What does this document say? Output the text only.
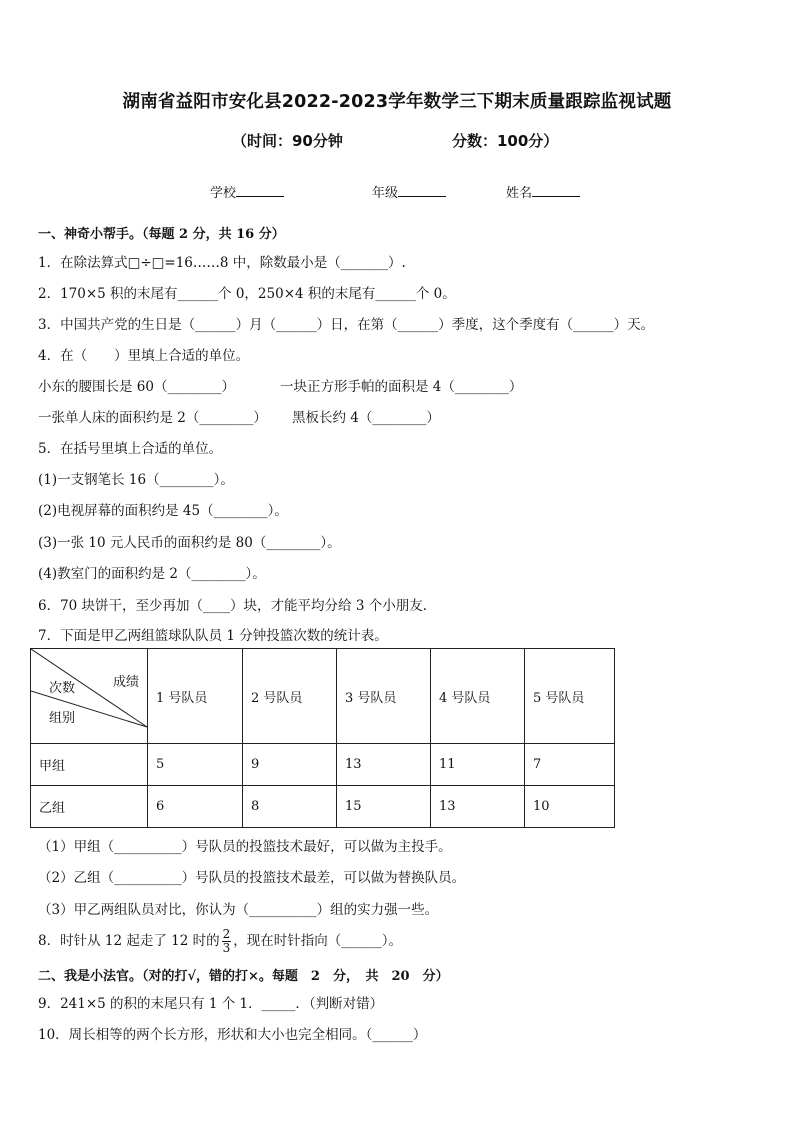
湖南省益阳市安化县2022-2023学年数学三下期末质量跟踪监视试题
（时间：90分钟	分数：100分）
学校	年级	姓名
一、神奇小帮手。（每题 2 分，共 16 分）
1．在除法算式□÷□=16……8 中，除数最小是（_______）.
2．170×5 积的末尾有______个 0，250×4 积的末尾有______个 0。
3．中国共产党的生日是（______）月（______）日，在第（______）季度，这个季度有（______）天。
4．在（　　）里填上合适的单位。
小东的腰围长是 60（________）	一块正方形手帕的面积是 4（________）
一张单人床的面积约是 2（________） 黑板长约 4（________）
5．在括号里填上合适的单位。
(1)一支钢笔长 16（________）。
(2)电视屏幕的面积约是 45（________）。
(3)一张 10 元人民币的面积约是 80（________）。
(4)教室门的面积约是 2（________）。
6．70 块饼干，至少再加（____）块，才能平均分给 3 个小朋友.
7．下面是甲乙两组篮球队队员 1 分钟投篮次数的统计表。
成绩
次数
组别	1 号队员	2 号队员	3 号队员	4 号队员	5 号队员
甲组	5	9	13	11	7
乙组	6	8	15	13	10
（1）甲组（__________）号队员的投篮技术最好，可以做为主投手。
（2）乙组（__________）号队员的投篮技术最差，可以做为替换队员。
（3）甲乙两组队员对比，你认为（__________）组的实力强一些。
8．时针从 12 起走了 12 时的 $\frac{2}{3}$ ，现在时针指向（______）。
二、我是小法官。（对的打√，错的打×。每题　2　分，　共　20　分）
9．241×5 的积的末尾只有 1 个 1．_____．（判断对错）
10．周长相等的两个长方形，形状和大小也完全相同。（______）
